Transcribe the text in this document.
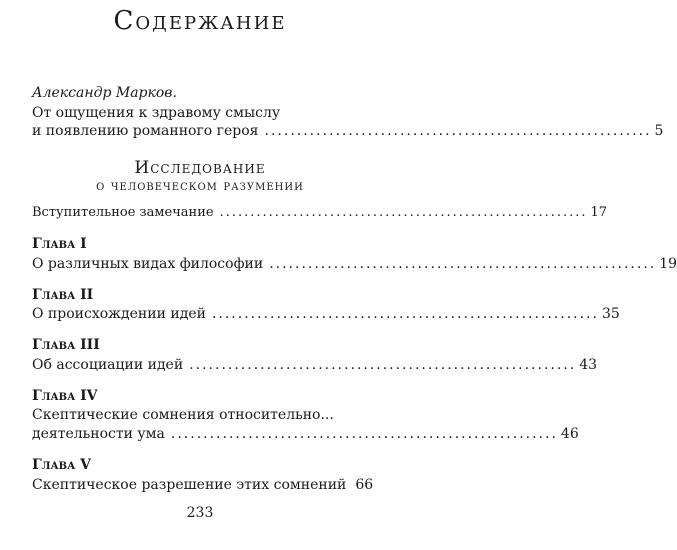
Содержание
Александр Марков.
От ощущения к здравому смыслу
и появлению романного героя ............................................................ 5
Исследование
о человеческом разумении
Вступительное замечание ............................................................ 17
Глава I
О различных видах философии ............................................................ 19
Глава II
О происхождении идей ............................................................ 35
Глава III
Об ассоциации идей ............................................................ 43
Глава IV
Скептические сомнения относительно...
деятельности ума ............................................................ 46
Глава V
Скептическое разрешение этих сомнений 66
233
